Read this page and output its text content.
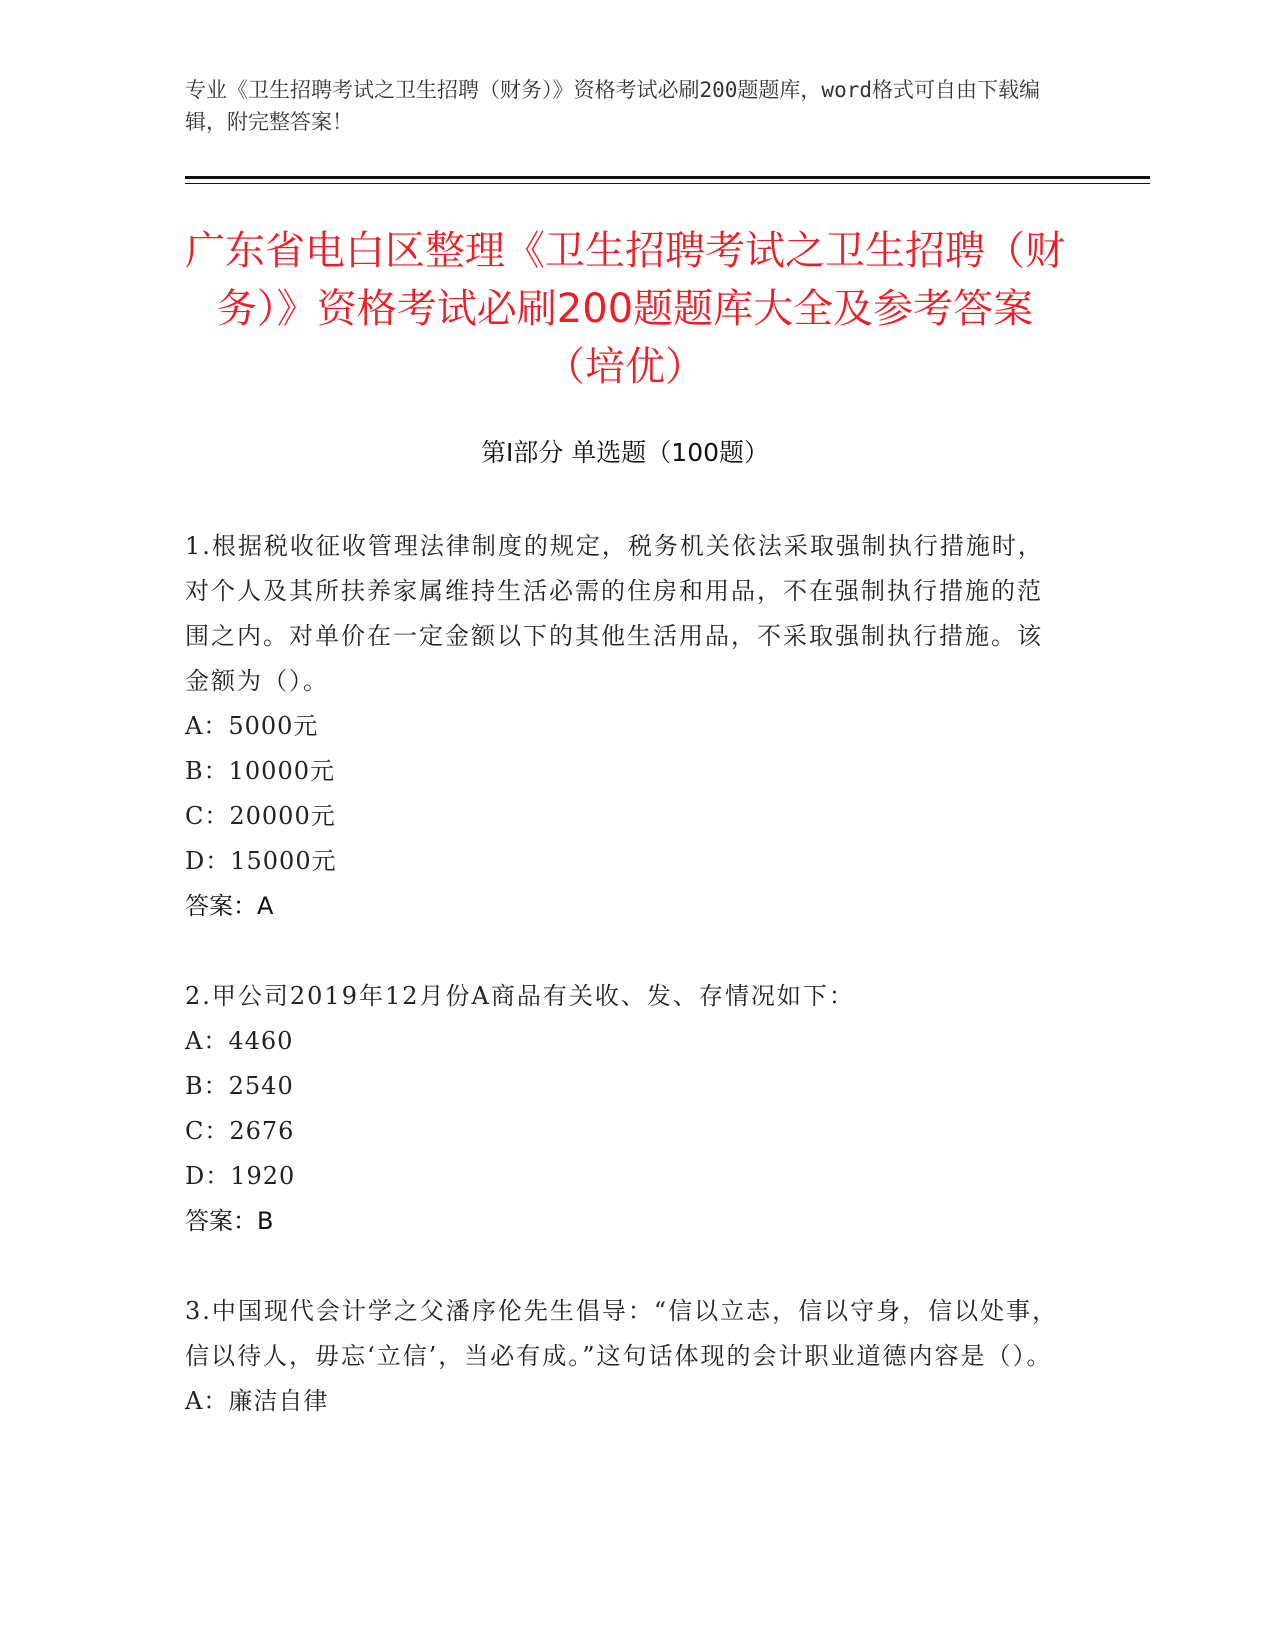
专业《卫生招聘考试之卫生招聘（财务）》资格考试必刷200题题库，word格式可自由下载编辑，附完整答案！
广东省电白区整理《卫生招聘考试之卫生招聘（财务）》资格考试必刷200题题库大全及参考答案（培优）
第I部分 单选题（100题）
1.根据税收征收管理法律制度的规定，税务机关依法采取强制执行措施时，对个人及其所扶养家属维持生活必需的住房和用品，不在强制执行措施的范围之内。对单价在一定金额以下的其他生活用品，不采取强制执行措施。该金额为（）。
A：5000元
B：10000元
C：20000元
D：15000元
答案：A
2.甲公司2019年12月份A商品有关收、发、存情况如下：
A：4460
B：2540
C：2676
D：1920
答案：B
3.中国现代会计学之父潘序伦先生倡导：“信以立志，信以守身，信以处事，信以待人，毋忘‘立信’，当必有成。”这句话体现的会计职业道德内容是（）。
A：廉洁自律
